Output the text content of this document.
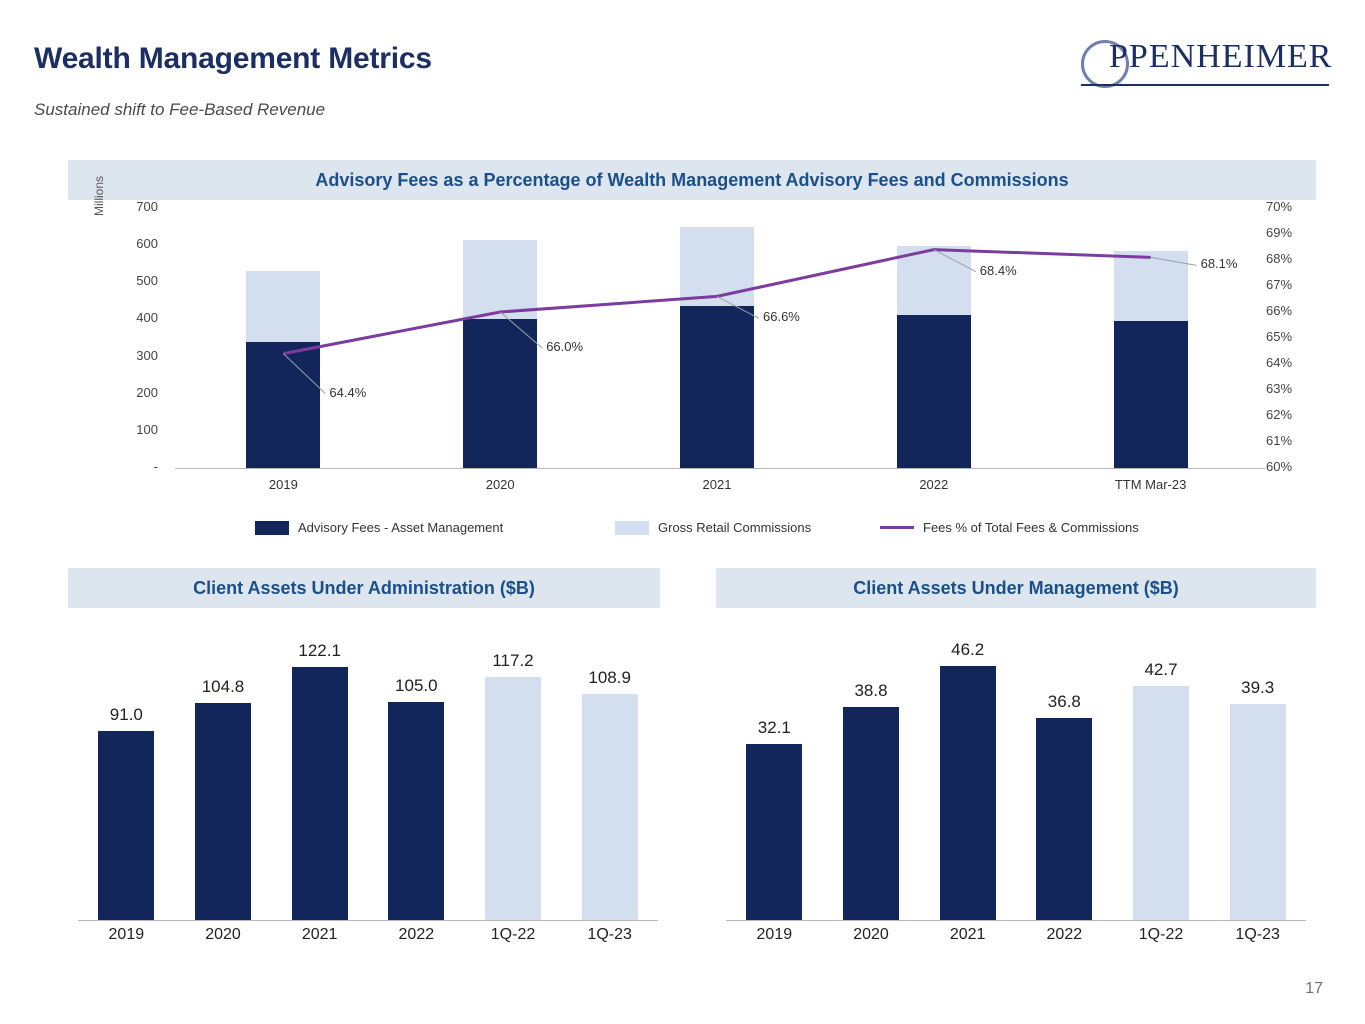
Wealth Management Metrics
Sustained shift to Fee-Based Revenue
PPENHEIMER
Advisory Fees as a Percentage of Wealth Management Advisory Fees and Commissions
Millions
-
100
200
300
400
500
600
700
60%
61%
62%
63%
64%
65%
66%
67%
68%
69%
70%
2019	2020	2021	2022	TTM Mar-23
Advisory Fees - Asset Management	Gross Retail Commissions	Fees % of Total Fees & Commissions
Client Assets Under Administration ($B)
91.0
104.8
122.1
105.0
117.2
108.9
2019	2020	2021	2022	1Q-22	1Q-23
Client Assets Under Management ($B)
32.1
38.8
46.2
36.8
42.7
39.3
2019	2020	2021	2022	1Q-22	1Q-23
17
64.4%
66.0%
66.6%
68.4%	68.1%
